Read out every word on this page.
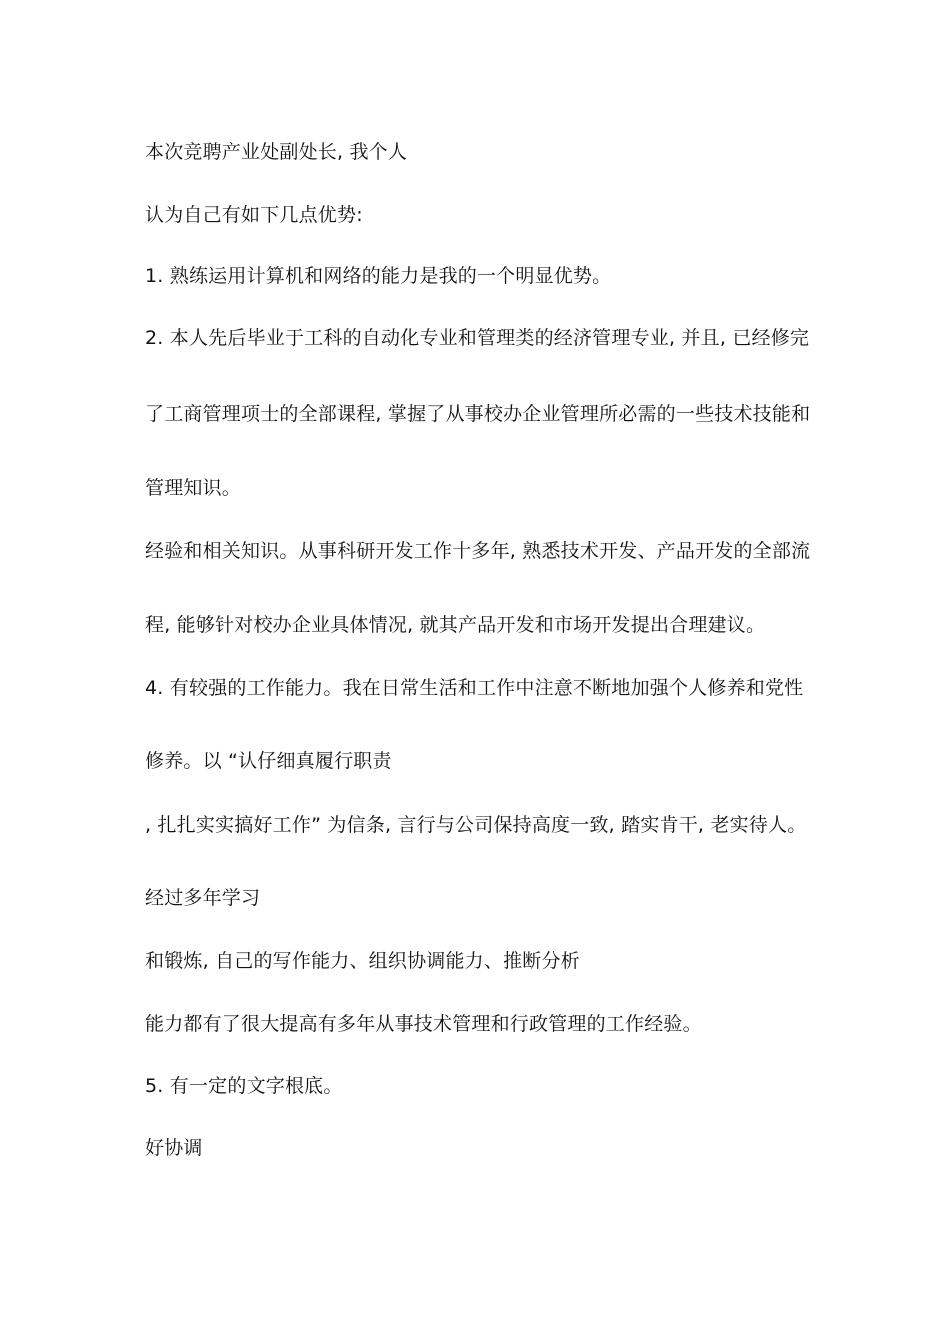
本次竞聘产业处副处长, 我个人
认为自己有如下几点优势:
1. 熟练运用计算机和网络的能力是我的一个明显优势。
2. 本人先后毕业于工科的自动化专业和管理类的经济管理专业, 并且, 已经修完
了工商管理项士的全部课程, 掌握了从事校办企业管理所必需的一些技术技能和
管理知识。
经验和相关知识。从事科研开发工作十多年, 熟悉技术开发、产品开发的全部流
程, 能够针对校办企业具体情况, 就其产品开发和市场开发提出合理建议。
4. 有较强的工作能力。我在日常生活和工作中注意不断地加强个人修养和党性
修养。以 “认仔细真履行职责
, 扎扎实实搞好工作” 为信条, 言行与公司保持高度一致, 踏实肯干, 老实待人。
经过多年学习
和锻炼, 自己的写作能力、组织协调能力、推断分析
能力都有了很大提高有多年从事技术管理和行政管理的工作经验。
5. 有一定的文字根底。
好协调
